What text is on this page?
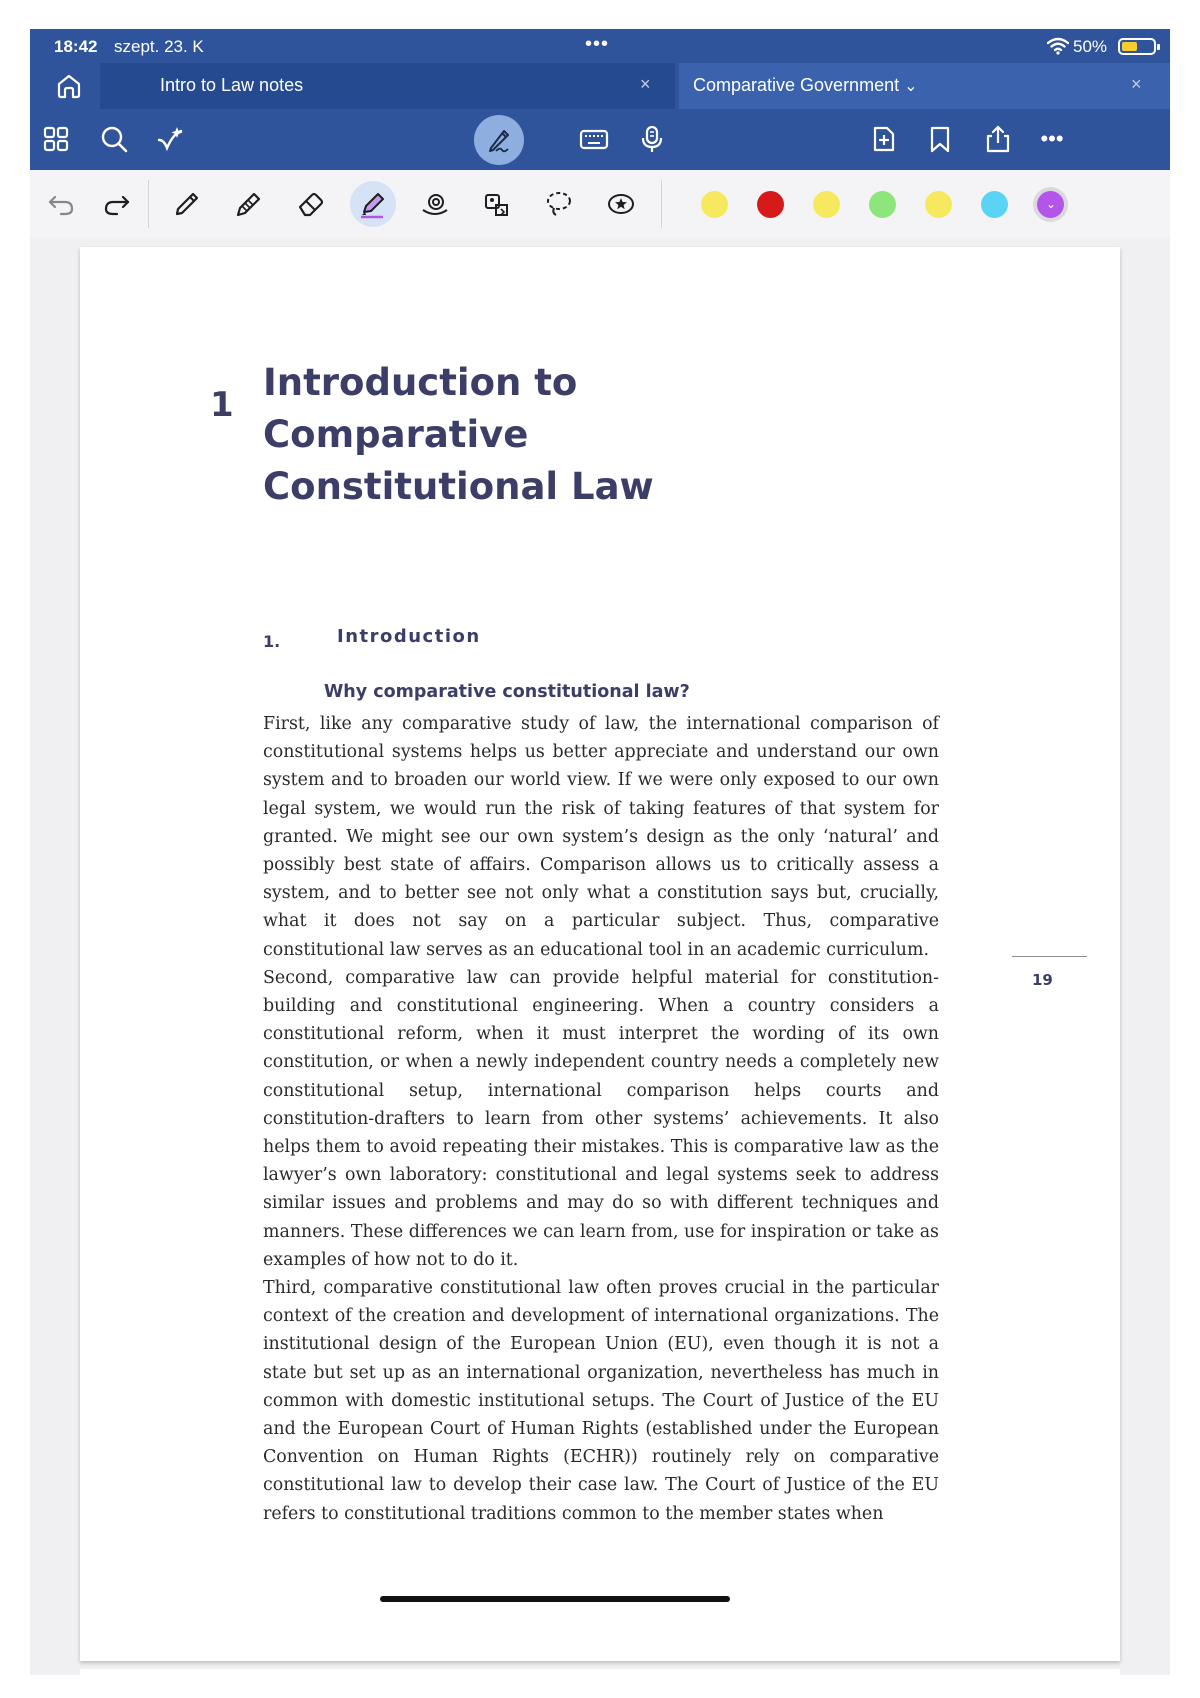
18:42 szept. 23. K	•••	50%
Intro to Law notes	× Comparative Government ⌄	×
•••
⌄
1
Introduction to Comparative Constitutional Law
1.	Introduction
Why comparative constitutional law?

First, like any comparative study of law, the international comparison of constitutional systems helps us better appreciate and understand our own system and to broaden our world view. If we were only exposed to our own legal system, we would run the risk of taking features of that system for granted. We might see our own system’s design as the only ‘natural’ and possibly best state of affairs. Comparison allows us to critically assess a system, and to better see not only what a constitution says but, crucially, what it does not say on a particular subject. Thus, comparative constitutional law serves as an educational tool in an academic curriculum.

Second, comparative law can provide helpful material for constitution-building and constitutional engineering. When a country considers a constitutional reform, when it must interpret the wording of its own constitution, or when a newly independent country needs a completely new constitutional setup, international comparison helps courts and constitution-drafters to learn from other systems’ achievements. It also helps them to avoid repeating their mistakes. This is comparative law as the lawyer’s own laboratory: constitutional and legal systems seek to address similar issues and problems and may do so with different techniques and manners. These differences we can learn from, use for inspiration or take as examples of how not to do it.

Third, comparative constitutional law often proves crucial in the particular context of the creation and development of international organizations. The institutional design of the European Union (EU), even though it is not a state but set up as an international organization, nevertheless has much in common with domestic institutional setups. The Court of Justice of the EU and the European Court of Human Rights (established under the European Convention on Human Rights (ECHR)) routinely rely on comparative constitutional law to develop their case law. The Court of Justice of the EU refers to constitutional traditions common to the member states when

19
